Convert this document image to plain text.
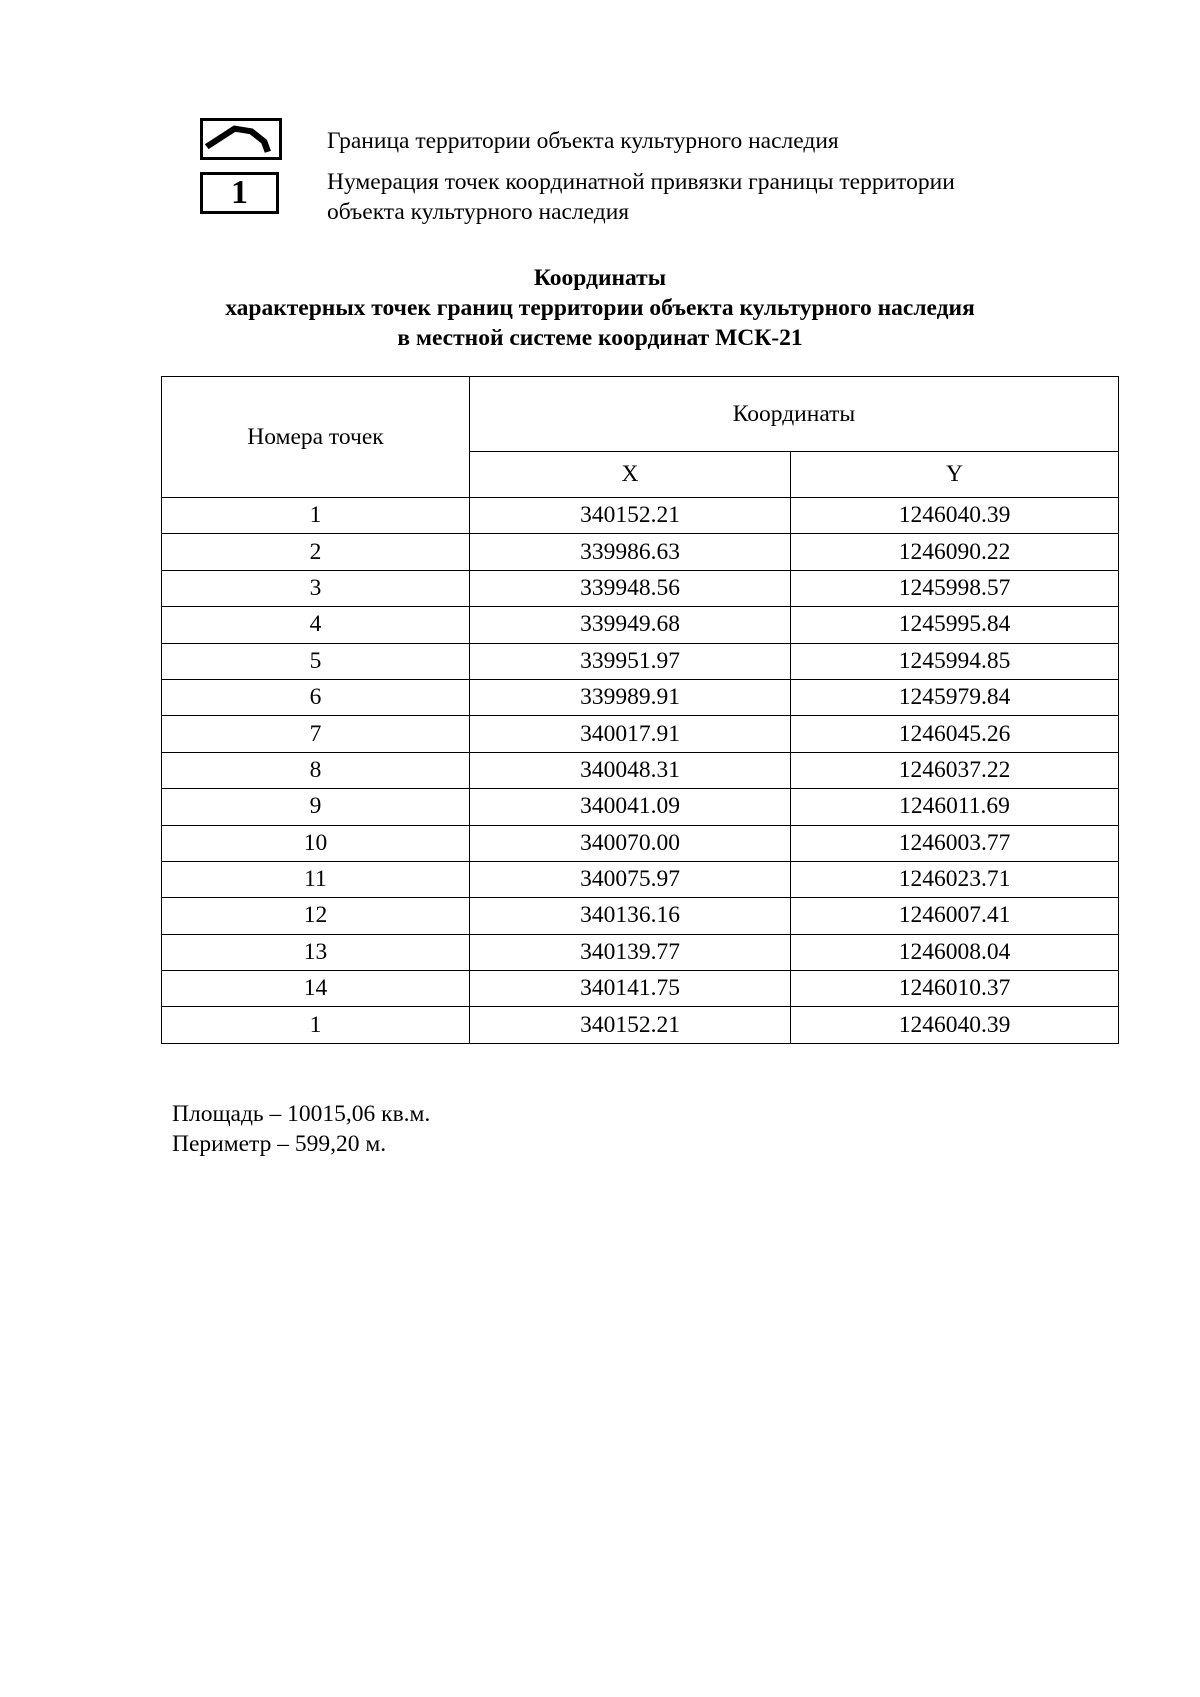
Граница территории объекта культурного наследия
1	Нумерация точек координатной привязки границы территории
объекта культурного наследия
Координаты
характерных точек границ территории объекта культурного наследия
в местной системе координат МСК-21
Номера точек	Координаты	
	X	Y
1	340152.21	1246040.39
2	339986.63	1246090.22
3	339948.56	1245998.57
4	339949.68	1245995.84
5	339951.97	1245994.85
6	339989.91	1245979.84
7	340017.91	1246045.26
8	340048.31	1246037.22
9	340041.09	1246011.69
10	340070.00	1246003.77
11	340075.97	1246023.71
12	340136.16	1246007.41
13	340139.77	1246008.04
14	340141.75	1246010.37
1	340152.21	1246040.39
Площадь – 10015,06 кв.м.
Периметр – 599,20 м.
